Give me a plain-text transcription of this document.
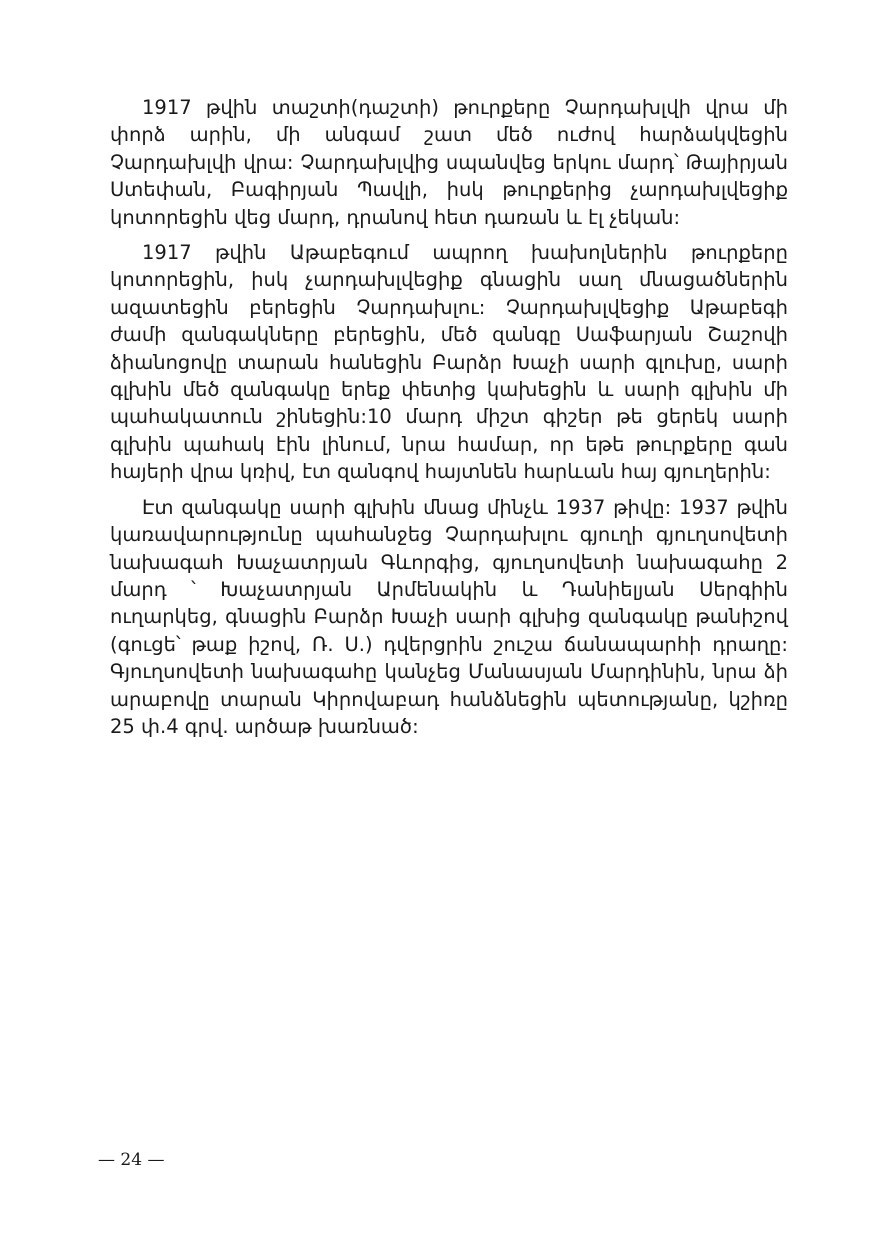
1917 թվին տաշտի(դաշտի) թուրքերը Չարդախլվի վրա մի փորձ արին, մի անգամ շատ մեծ ուժով հարձակվեցին Չարդախլվի վրա: Չարդախլվից սպանվեց երկու մարդ՝ Թայիրյան Ստեփան, Բագիրյան Պավլի, իսկ թուրքերից չարդախլվեցիք կոտորեցին վեց մարդ, դրանով հետ դառան և էլ չեկան:

1917 թվին Աթաբեգում ապրող խախոլներին թուրքերը կոտորեցին, իսկ չարդախլվեցիք գնացին սաղ մնացածներին ազատեցին բերեցին Չարդախլու: Չարդախլվեցիք Աթաբեգի ժամի զանգակները բերեցին, մեծ զանգը Սաֆարյան Շաշովի ձիանոցովը տարան հանեցին Բարձր Խաչի սարի գլուխը, սարի գլխին մեծ զանգակը երեք փետից կախեցին և սարի գլխին մի պահակատուն շինեցին:10 մարդ միշտ գիշեր թե ցերեկ սարի գլխին պահակ էին լինում, նրա համար, որ եթե թուրքերը գան հայերի վրա կռիվ, էտ զանգով հայտնեն հարևան հայ գյուղերին:

Էտ զանգակը սարի գլխին մնաց մինչև 1937 թիվը: 1937 թվին կառավարությունը պահանջեց Չարդախլու գյուղի գյուղսովետի նախագահ Խաչատրյան Գևորգից, գյուղսովետի նախագահը 2 մարդ ՝ Խաչատրյան Արմենակին և Դանիելյան Սերգիին ուղարկեց, գնացին Բարձր Խաչի սարի գլխից զանգակը թանիշով (գուցե՝ թաք իշով, Ռ. Ս.) դվերցրին շուշա ճանապարհի դրաղը: Գյուղսովետի նախագահը կանչեց Մանասյան Մարդինին, նրա ձի արաբովը տարան Կիրովաբադ հանձնեցին պետությանը, կշիռը 25 փ.4 գրվ. արծաթ խառնած:

— 24 —
